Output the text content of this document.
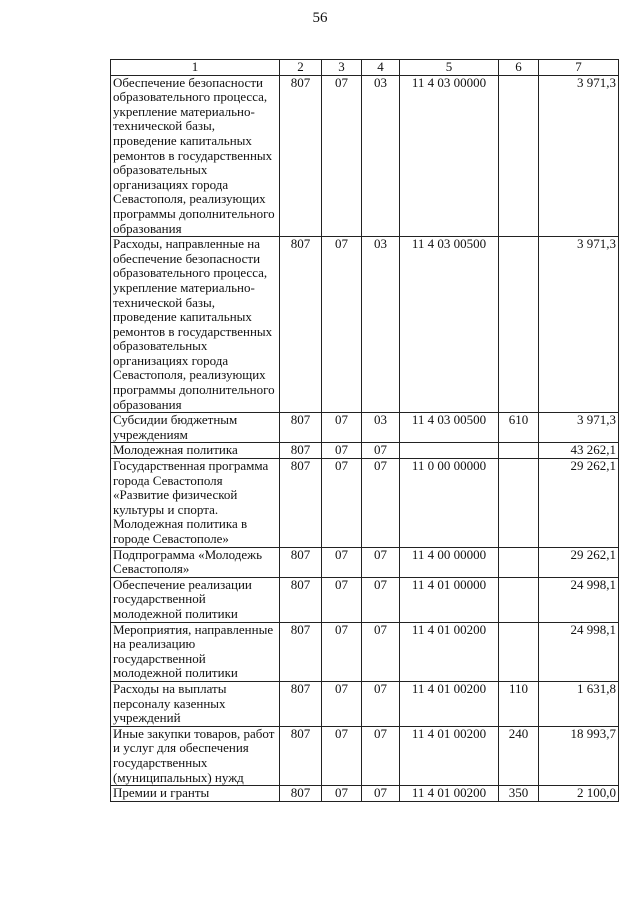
56
1	2	3	4	5	6	7
Обеспечение безопасности образовательного процесса, укрепление материально-технической базы, проведение капитальных ремонтов в государственных образовательных организациях города Севастополя, реализующих программы дополнительного образования	807	07	03	11 4 03 00000		3 971,3
Расходы, направленные на обеспечение безопасности образовательного процесса, укрепление материально-технической базы, проведение капитальных ремонтов в государственных образовательных организациях города Севастополя, реализующих программы дополнительного образования	807	07	03	11 4 03 00500		3 971,3
Субсидии бюджетным учреждениям	807	07	03	11 4 03 00500	610	3 971,3
Молодежная политика	807	07	07			43 262,1
Государственная программа города Севастополя «Развитие физической культуры и спорта. Молодежная политика в городе Севастополе»	807	07	07	11 0 00 00000		29 262,1
Подпрограмма «Молодежь Севастополя»	807	07	07	11 4 00 00000		29 262,1
Обеспечение реализации государственной молодежной политики	807	07	07	11 4 01 00000		24 998,1
Мероприятия, направленные на реализацию государственной молодежной политики	807	07	07	11 4 01 00200		24 998,1
Расходы на выплаты персоналу казенных учреждений	807	07	07	11 4 01 00200	110	1 631,8
Иные закупки товаров, работ и услуг для обеспечения государственных (муниципальных) нужд	807	07	07	11 4 01 00200	240	18 993,7
Премии и гранты	807	07	07	11 4 01 00200	350	2 100,0
